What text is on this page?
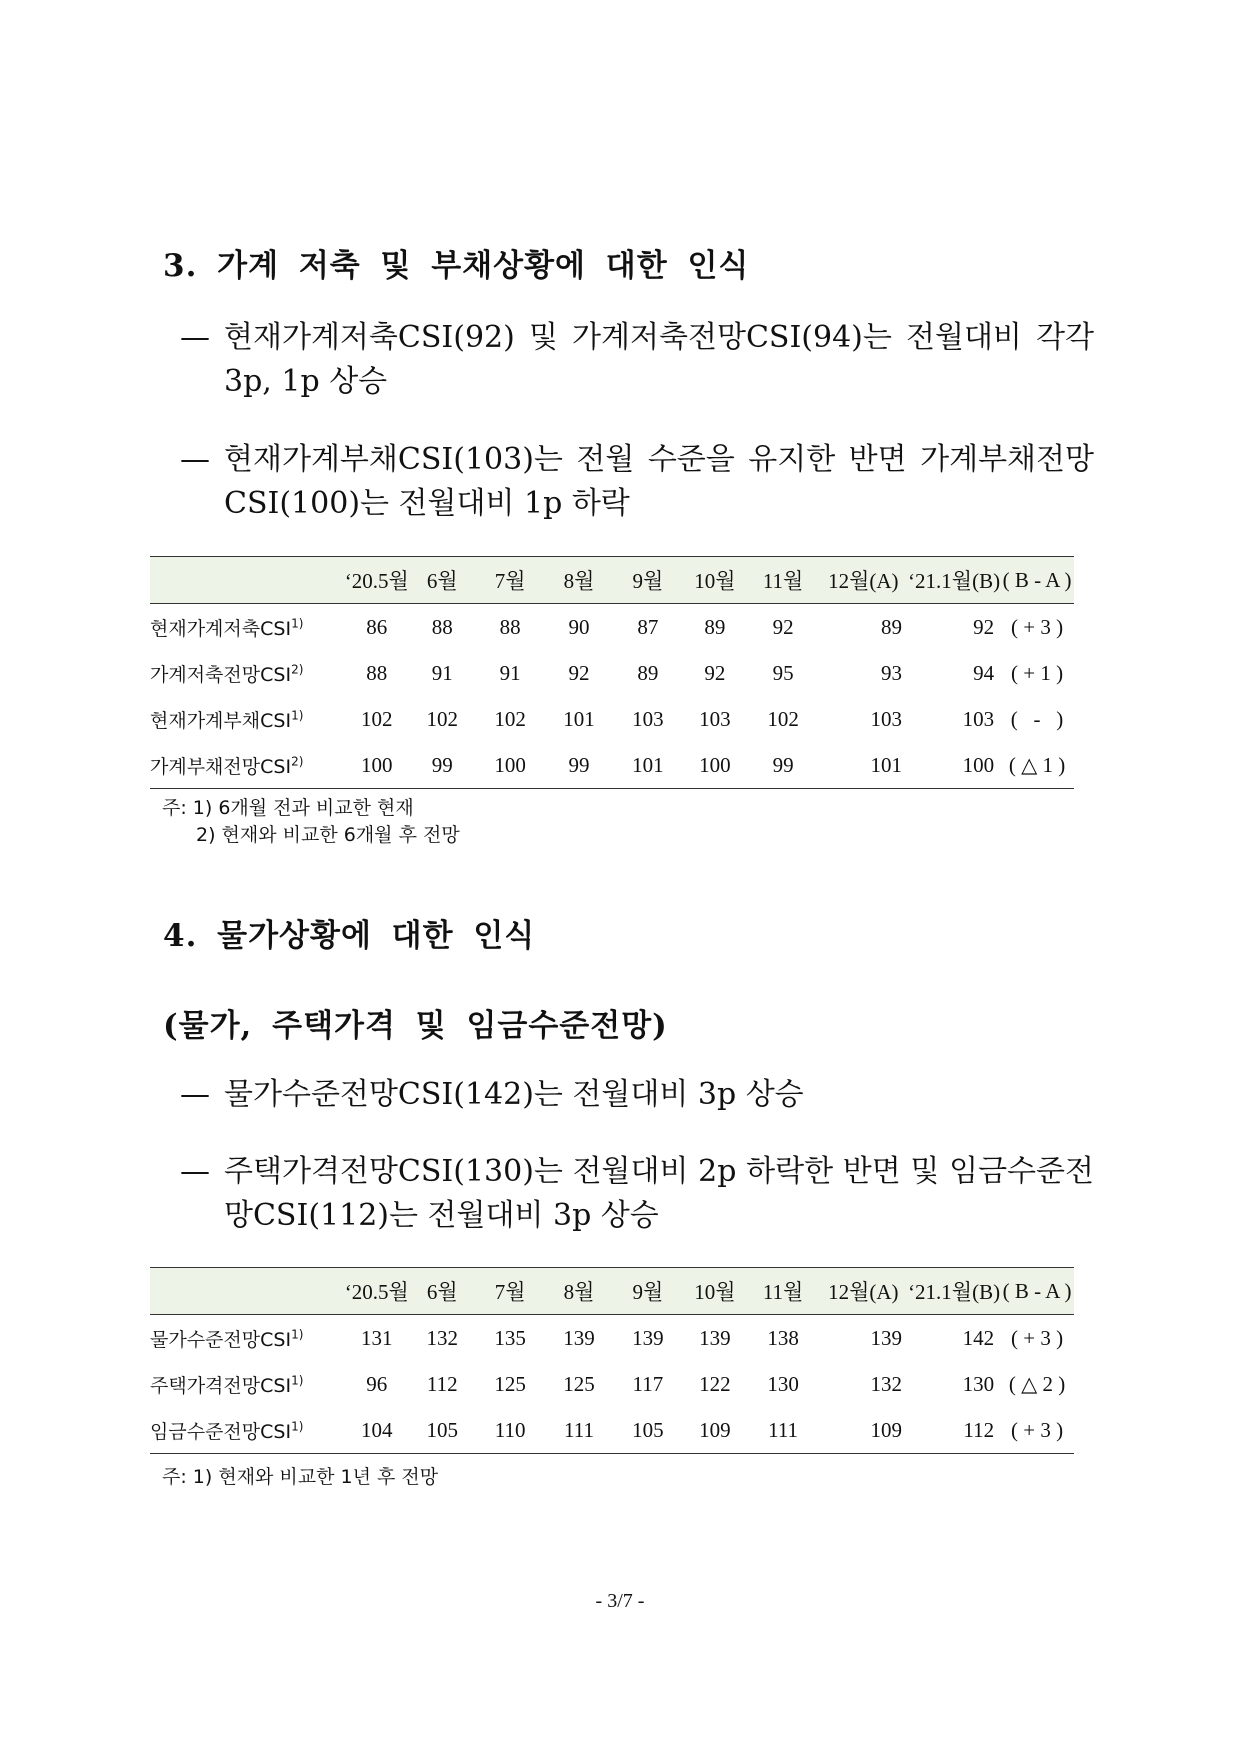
3. 가계 저축 및 부채상황에 대한 인식
— 현재가계저축CSI(92) 및 가계저축전망CSI(94)는 전월대비 각각
3p, 1p 상승
— 현재가계부채CSI(103)는 전월 수준을 유지한 반면 가계부채전망
CSI(100)는 전월대비 1p 하락
	‘20.5월	6월	7월	8월	9월	10월	11월	12월(A)	‘21.1월(B)	( B - A )
현재가계저축CSI$^{1)}$	86	88	88	90	87	89	92	89	92	( + 3 )
가계저축전망CSI$^{2)}$	88	91	91	92	89	92	95	93	94	( + 1 )
현재가계부채CSI$^{1)}$	102	102	102	101	103	103	102	103	103	(   -   )
가계부채전망CSI$^{2)}$	100	99	100	99	101	100	99	101	100	( △ 1 )
주: 1) 6개월 전과 비교한 현재
2) 현재와 비교한 6개월 후 전망
4. 물가상황에 대한 인식
(물가, 주택가격 및 임금수준전망)
— 물가수준전망CSI(142)는 전월대비 3p 상승
— 주택가격전망CSI(130)는 전월대비 2p 하락한 반면 및 임금수준전
망CSI(112)는 전월대비 3p 상승
	‘20.5월	6월	7월	8월	9월	10월	11월	12월(A)	‘21.1월(B)	( B - A )
물가수준전망CSI$^{1)}$	131	132	135	139	139	139	138	139	142	( + 3 )
주택가격전망CSI$^{1)}$	96	112	125	125	117	122	130	132	130	( △ 2 )
임금수준전망CSI$^{1)}$	104	105	110	111	105	109	111	109	112	( + 3 )
주: 1) 현재와 비교한 1년 후 전망
- 3/7 -
